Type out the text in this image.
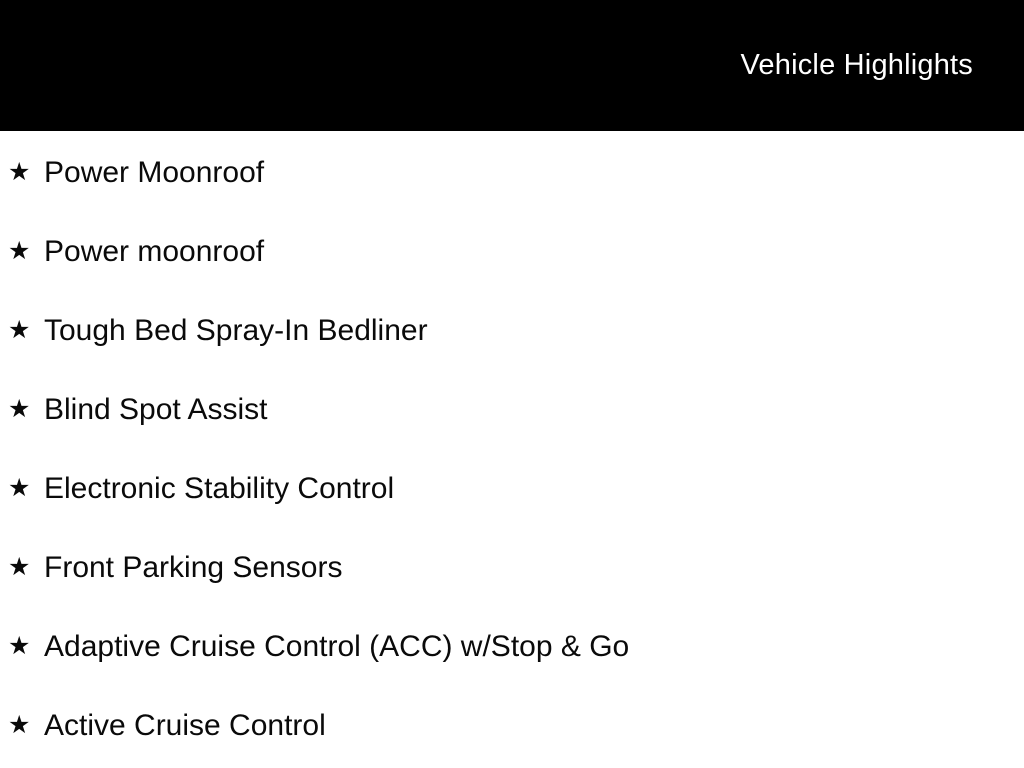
Vehicle Highlights
★ Power Moonroof
★ Power moonroof
★ Tough Bed Spray-In Bedliner
★ Blind Spot Assist
★ Electronic Stability Control
★ Front Parking Sensors
★ Adaptive Cruise Control (ACC) w/Stop & Go
★ Active Cruise Control
